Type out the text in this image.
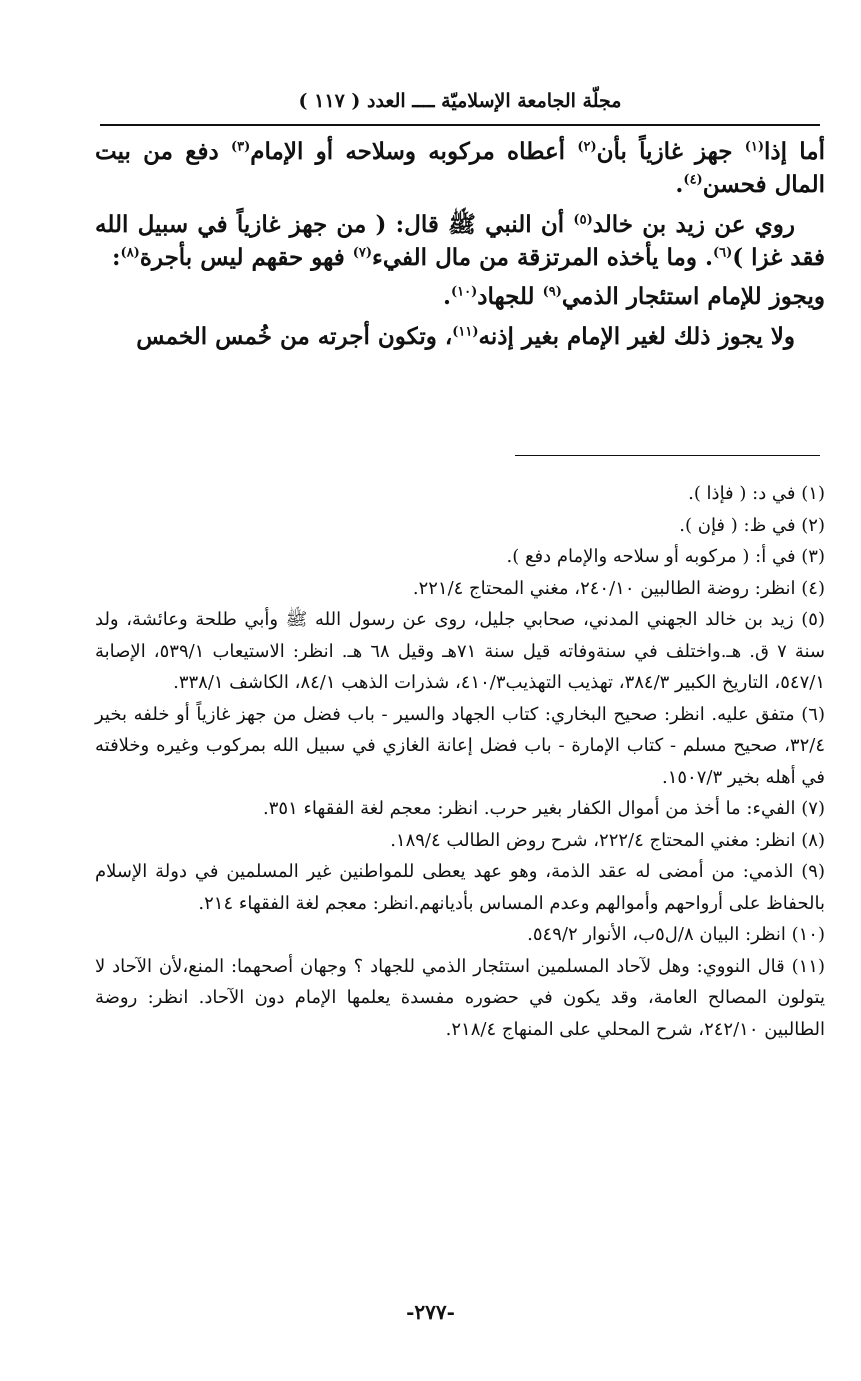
مجلّة الجامعة الإسلاميّة ــــ العدد ( ١١٧ )

أما إذا$^{(١)}$ جهز غازياً بأن$^{(٢)}$ أعطاه مركوبه وسلاحه أو الإمام$^{(٣)}$ دفع من بيت المال فحسن$^{(٤)}$.

روي عن زيد بن خالد$^{(٥)}$ أن النبي ﷺ قال: ( من جهز غازياً في سبيل الله فقد غزا )$^{(٦)}$. وما يأخذه المرتزقة من مال الفيء$^{(٧)}$ فهو حقهم ليس بأجرة$^{(٨)}$:

ويجوز للإمام استئجار الذمي$^{(٩)}$ للجهاد$^{(١٠)}$.

ولا يجوز ذلك لغير الإمام بغير إذنه$^{(١١)}$، وتكون أجرته من خُمس الخمس

(١) في د: ( فإذا ).

(٢) في ظ: ( فإن ).

(٣) في أ: ( مركوبه أو سلاحه والإمام دفع ).

(٤) انظر: روضة الطالبين ٢٤٠/١٠، مغني المحتاج ٢٢١/٤.

(٥) زيد بن خالد الجهني المدني، صحابي جليل، روى عن رسول الله ﷺ وأبي طلحة وعائشة، ولد سنة ٧ ق. هـ.واختلف في سنةوفاته قيل سنة ٧١هـ وقيل ٦٨ هـ. انظر: الاستيعاب ٥٣٩/١، الإصابة ٥٤٧/١، التاريخ الكبير ٣٨٤/٣، تهذيب التهذيب٤١٠/٣، شذرات الذهب ٨٤/١، الكاشف ٣٣٨/١.

(٦) متفق عليه. انظر: صحيح البخاري: كتاب الجهاد والسير - باب فضل من جهز غازياً أو خلفه بخير ٣٢/٤، صحيح مسلم - كتاب الإمارة - باب فضل إعانة الغازي في سبيل الله بمركوب وغيره وخلافته في أهله بخير ١٥٠٧/٣.

(٧) الفيء: ما أخذ من أموال الكفار بغير حرب. انظر: معجم لغة الفقهاء ٣٥١.

(٨) انظر: مغني المحتاج ٢٢٢/٤، شرح روض الطالب ١٨٩/٤.

(٩) الذمي: من أمضى له عقد الذمة، وهو عهد يعطى للمواطنين غير المسلمين في دولة الإسلام بالحفاظ على أرواحهم وأموالهم وعدم المساس بأديانهم.انظر: معجم لغة الفقهاء ٢١٤.

(١٠) انظر: البيان ٨/ل٥ب، الأنوار ٥٤٩/٢.

(١١) قال النووي: وهل لآحاد المسلمين استئجار الذمي للجهاد ؟ وجهان أصحهما: المنع،لأن الآحاد لا يتولون المصالح العامة، وقد يكون في حضوره مفسدة يعلمها الإمام دون الآحاد. انظر: روضة الطالبين ٢٤٢/١٠، شرح المحلي على المنهاج ٢١٨/٤.

-٢٧٧-
